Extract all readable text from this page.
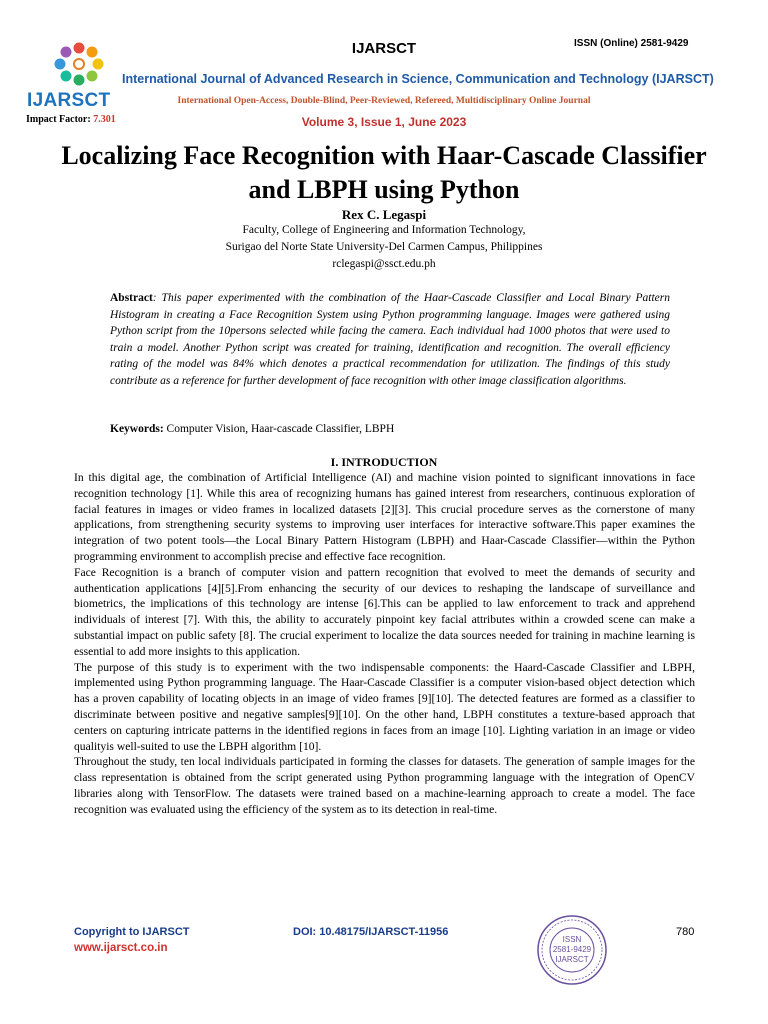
IJARSCT
Impact Factor: 7.301
IJARSCT	ISSN (Online) 2581-9429
International Journal of Advanced Research in Science, Communication and Technology (IJARSCT)
International Open-Access, Double-Blind, Peer-Reviewed, Refereed, Multidisciplinary Online Journal
Volume 3, Issue 1, June 2023
Localizing Face Recognition with Haar-Cascade Classifier and LBPH using Python
Rex C. Legaspi
Faculty, College of Engineering and Information Technology,
Surigao del Norte State University-Del Carmen Campus, Philippines
rclegaspi@ssct.edu.ph
Abstract: This paper experimented with the combination of the Haar-Cascade Classifier and Local Binary Pattern Histogram in creating a Face Recognition System using Python programming language. Images were gathered using Python script from the 10persons selected while facing the camera. Each individual had 1000 photos that were used to train a model. Another Python script was created for training, identification and recognition. The overall efficiency rating of the model was 84% which denotes a practical recommendation for utilization. The findings of this study contribute as a reference for further development of face recognition with other image classification algorithms.
Keywords: Computer Vision, Haar-cascade Classifier, LBPH
I. INTRODUCTION

In this digital age, the combination of Artificial Intelligence (AI) and machine vision pointed to significant innovations in face recognition technology [1]. While this area of recognizing humans has gained interest from researchers, continuous exploration of facial features in images or video frames in localized datasets [2][3]. This crucial procedure serves as the cornerstone of many applications, from strengthening security systems to improving user interfaces for interactive software.This paper examines the integration of two potent tools—the Local Binary Pattern Histogram (LBPH) and Haar-Cascade Classifier—within the Python programming environment to accomplish precise and effective face recognition.

Face Recognition is a branch of computer vision and pattern recognition that evolved to meet the demands of security and authentication applications [4][5].From enhancing the security of our devices to reshaping the landscape of surveillance and biometrics, the implications of this technology are intense [6].This can be applied to law enforcement to track and apprehend individuals of interest [7]. With this, the ability to accurately pinpoint key facial attributes within a crowded scene can make a substantial impact on public safety [8]. The crucial experiment to localize the data sources needed for training in machine learning is essential to add more insights to this application.

The purpose of this study is to experiment with the two indispensable components: the Haard-Cascade Classifier and LBPH, implemented using Python programming language. The Haar-Cascade Classifier is a computer vision-based object detection which has a proven capability of locating objects in an image of video frames [9][10]. The detected features are formed as a classifier to discriminate between positive and negative samples[9][10]. On the other hand, LBPH constitutes a texture-based approach that centers on capturing intricate patterns in the identified regions in faces from an image [10]. Lighting variation in an image or video qualityis well-suited to use the LBPH algorithm [10].

Throughout the study, ten local individuals participated in forming the classes for datasets. The generation of sample images for the class representation is obtained from the script generated using Python programming language with the integration of OpenCV libraries along with TensorFlow. The datasets were trained based on a machine-learning approach to create a model. The face recognition was evaluated using the efficiency of the system as to its detection in real-time.

Copyright to IJARSCT
www.ijarsct.co.in
DOI: 10.48175/IJARSCT-11956	780
ISSN
2581-9429
IJARSCT
